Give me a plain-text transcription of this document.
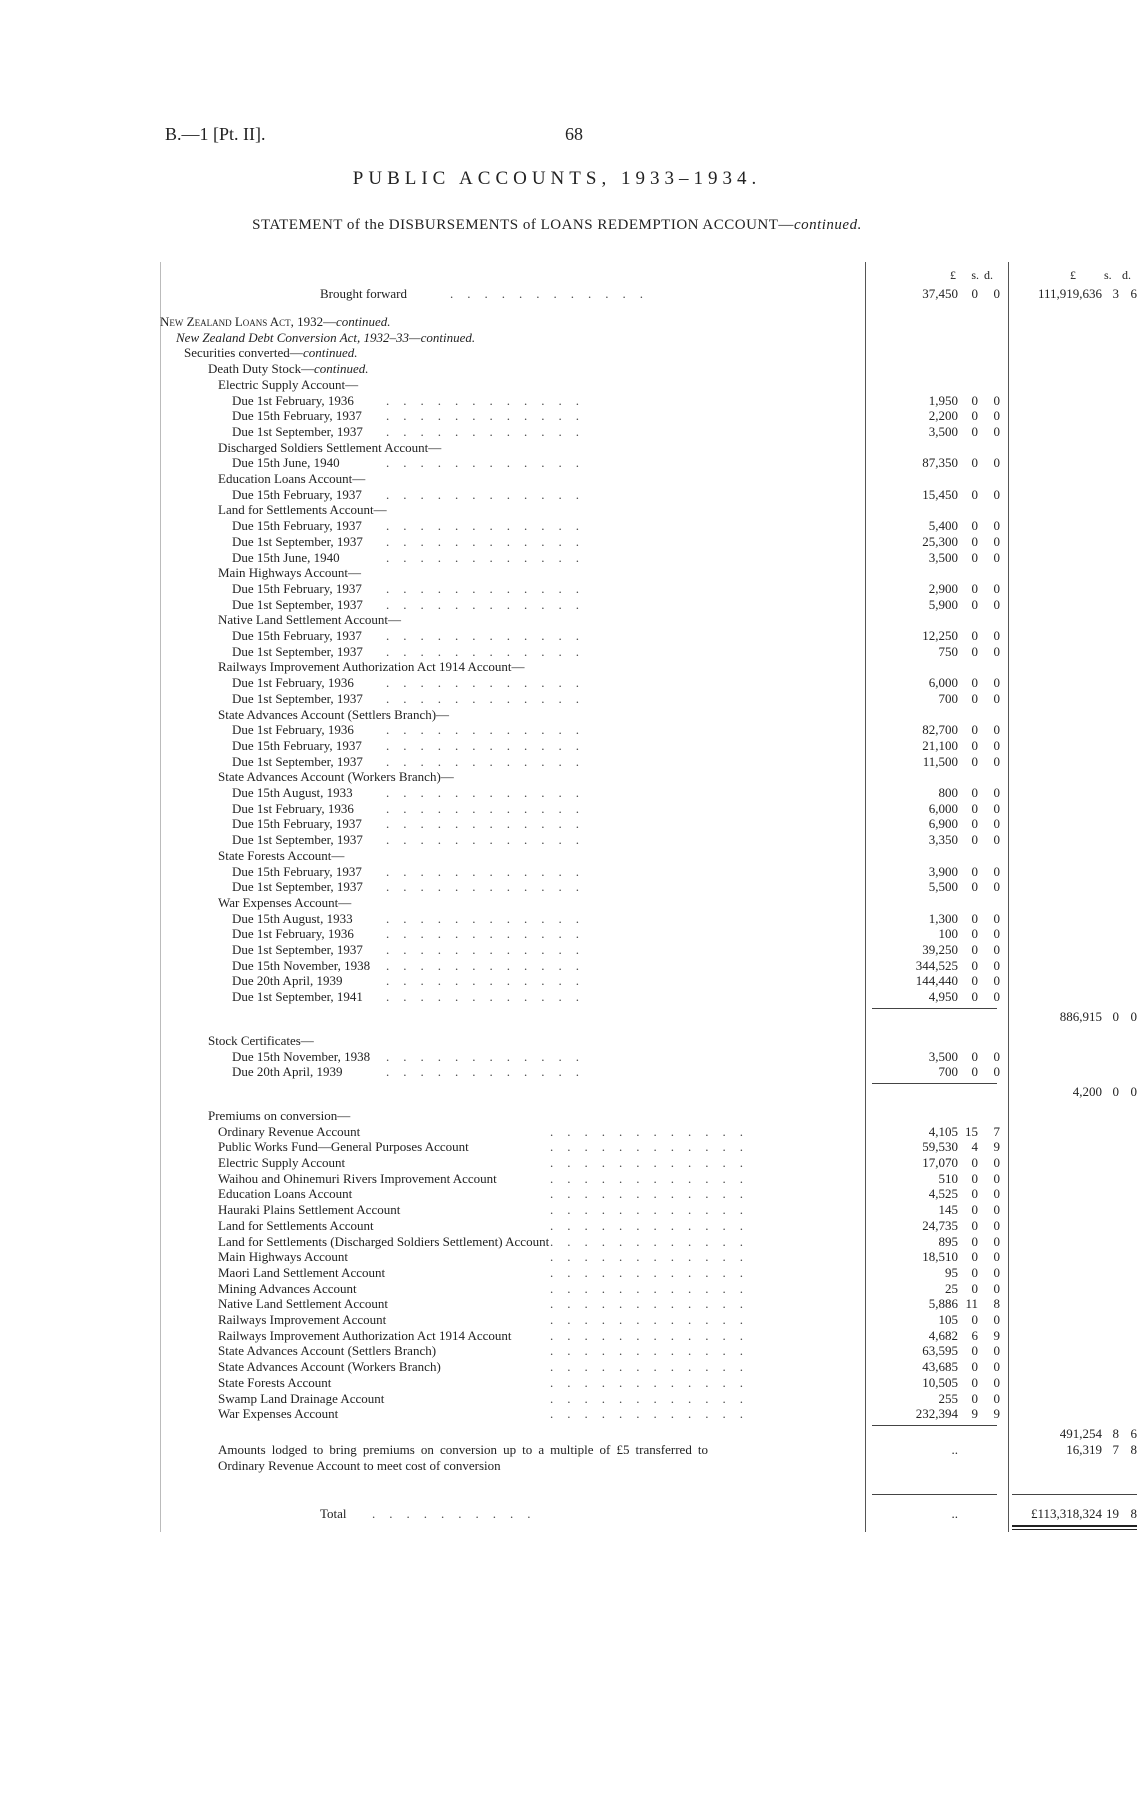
B.—1 [Pt. II].	68
PUBLIC ACCOUNTS, 1933–1934.
STATEMENT of the DISBURSEMENTS of LOANS REDEMPTION ACCOUNT—continued.
£	s. d.	£ s. d.
Brought forward	............	37,450	0	0	111,919,636 3 6
New Zealand Loans Act, 1932— continued.
New Zealand Debt Conversion Act, 1932–33—continued.
Securities converted— continued.
Death Duty Stock— continued.
Electric Supply Account—
Due 1st February, 1936 ............	1,950	0	0
Due 15th February, 1937 ............	2,200	0	0
Due 1st September, 1937 ............	3,500	0	0
Discharged Soldiers Settlement Account—
Due 15th June, 1940	............	87,350	0	0
Education Loans Account—
Due 15th February, 1937 ............	15,450	0	0
Land for Settlements Account—
Due 15th February, 1937 ............	5,400	0	0
Due 1st September, 1937 ............	25,300	0	0
Due 15th June, 1940	............	3,500	0	0
Main Highways Account—
Due 15th February, 1937 ............	2,900	0	0
Due 1st September, 1937 ............	5,900	0	0
Native Land Settlement Account—
Due 15th February, 1937 ............	12,250	0	0
Due 1st September, 1937 ............	750	0	0
Railways Improvement Authorization Act 1914 Account—
Due 1st February, 1936 ............	6,000	0	0
Due 1st September, 1937 ............	700	0	0
State Advances Account (Settlers Branch)—
Due 1st February, 1936 ............	82,700	0	0
Due 15th February, 1937 ............	21,100	0	0
Due 1st September, 1937 ............	11,500	0	0
State Advances Account (Workers Branch)—
Due 15th August, 1933	............	800	0	0
Due 1st February, 1936 ............	6,000	0	0
Due 15th February, 1937 ............	6,900	0	0
Due 1st September, 1937 ............	3,350	0	0
State Forests Account—
Due 15th February, 1937 ............	3,900	0	0
Due 1st September, 1937 ............	5,500	0	0
War Expenses Account—
Due 15th August, 1933	............	1,300	0	0
Due 1st February, 1936 ............	100	0	0
Due 1st September, 1937 ............	39,250	0	0
Due 15th November, 1938 ............	344,525	0	0
Due 20th April, 1939	............	144,440	0	0
Due 1st September, 1941 ............	4,950	0	0
886,915 0 0
Stock Certificates—
Due 15th November, 1938 ............	3,500	0	0
Due 20th April, 1939	............	700	0	0
4,200 0 0
Premiums on conversion—
Ordinary Revenue Account	............	4,105 15	7
Public Works Fund—General Purposes Account	............	59,530	4	9
Electric Supply Account	............	17,070	0	0
Waihou and Ohinemuri Rivers Improvement Account	............	510	0	0
Education Loans Account	............	4,525	0	0
Hauraki Plains Settlement Account	............	145	0	0
Land for Settlements Account	............	24,735	0	0
Land for Settlements (Discharged Soldiers Settlement) Account ............	895	0	0
Main Highways Account	............	18,510	0	0
Maori Land Settlement Account	............	95	0	0
Mining Advances Account	............	25	0	0
Native Land Settlement Account	............	5,886 11	8
Railways Improvement Account	............	105	0	0
Railways Improvement Authorization Act 1914 Account	............	4,682	6	9
State Advances Account (Settlers Branch)	............	63,595	0	0
State Advances Account (Workers Branch)	............	43,685	0	0
State Forests Account	............	10,505	0	0
Swamp Land Drainage Account	............	255	0	0
War Expenses Account	............	232,394	9	9
491,254 8 6
Amounts lodged to bring premiums on conversion up to a multiple of £5 transferred to Ordinary Revenue Account to meet cost of conversion
..	16,319 7 8
Total ..........	..	£113,318,324 19 8
